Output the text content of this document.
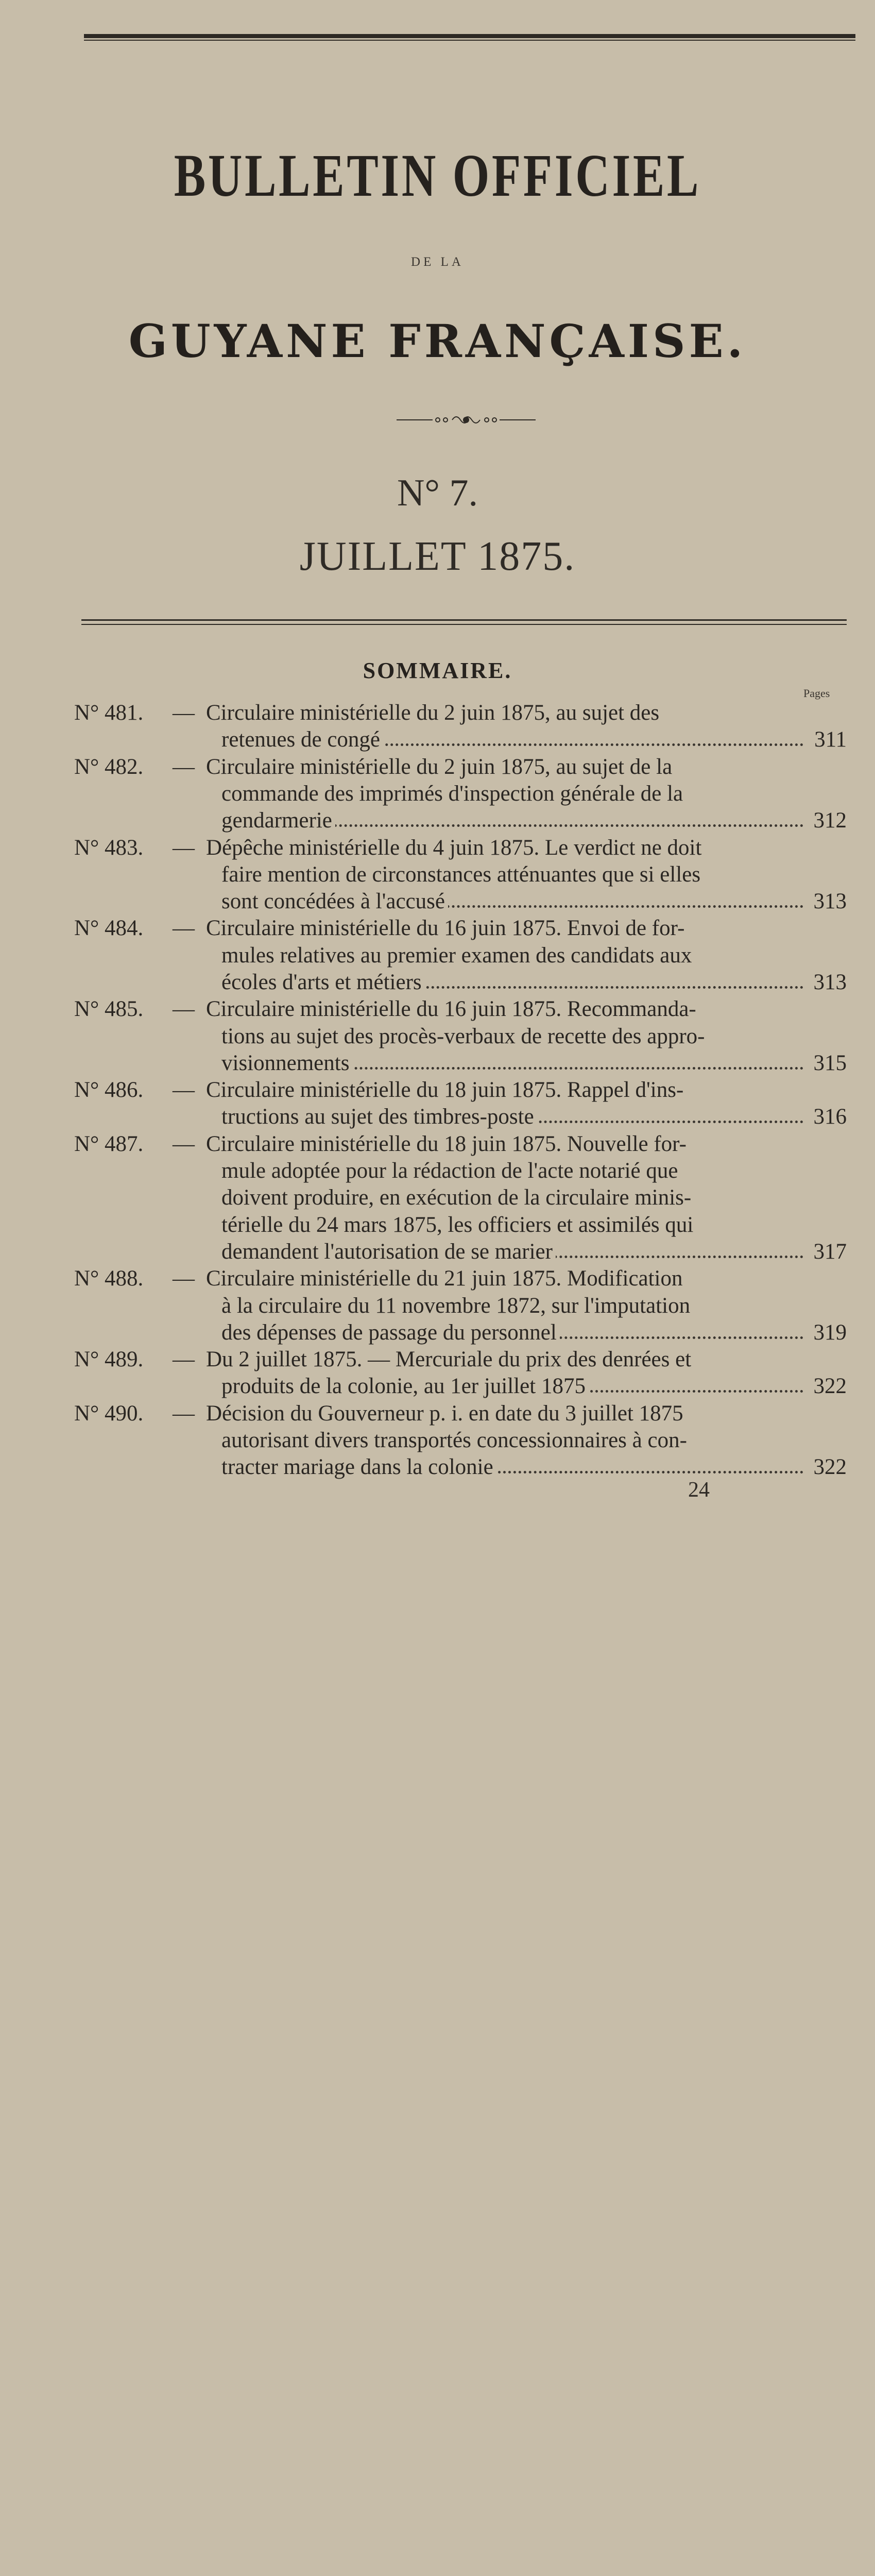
BULLETIN OFFICIEL
DE LA
GUYANE FRANÇAISE.
N° 7.
JUILLET 1875.
SOMMAIRE.
Pages
N° 481. — Circulaire ministérielle du 2 juin 1875, au sujet des
retenues de congé	311
N° 482. — Circulaire ministérielle du 2 juin 1875, au sujet de la
commande des imprimés d'inspection générale de la
gendarmerie	312
N° 483. — Dépêche ministérielle du 4 juin 1875. Le verdict ne doit
faire mention de circonstances atténuantes que si elles
sont concédées à l'accusé	313
N° 484. — Circulaire ministérielle du 16 juin 1875. Envoi de for-
mules relatives au premier examen des candidats aux
écoles d'arts et métiers	313
N° 485. — Circulaire ministérielle du 16 juin 1875. Recommanda-
tions au sujet des procès-verbaux de recette des appro-
visionnements	315
N° 486. — Circulaire ministérielle du 18 juin 1875. Rappel d'ins-
tructions au sujet des timbres-poste	316
N° 487. — Circulaire ministérielle du 18 juin 1875. Nouvelle for-
mule adoptée pour la rédaction de l'acte notarié que
doivent produire, en exécution de la circulaire minis-
térielle du 24 mars 1875, les officiers et assimilés qui
demandent l'autorisation de se marier	317
N° 488. — Circulaire ministérielle du 21 juin 1875. Modification
à la circulaire du 11 novembre 1872, sur l'imputation
des dépenses de passage du personnel	319
N° 489. — Du 2 juillet 1875. — Mercuriale du prix des denrées et
produits de la colonie, au 1er juillet 1875	322
N° 490. — Décision du Gouverneur p. i. en date du 3 juillet 1875
autorisant divers transportés concessionnaires à con-
tracter mariage dans la colonie	322
24
